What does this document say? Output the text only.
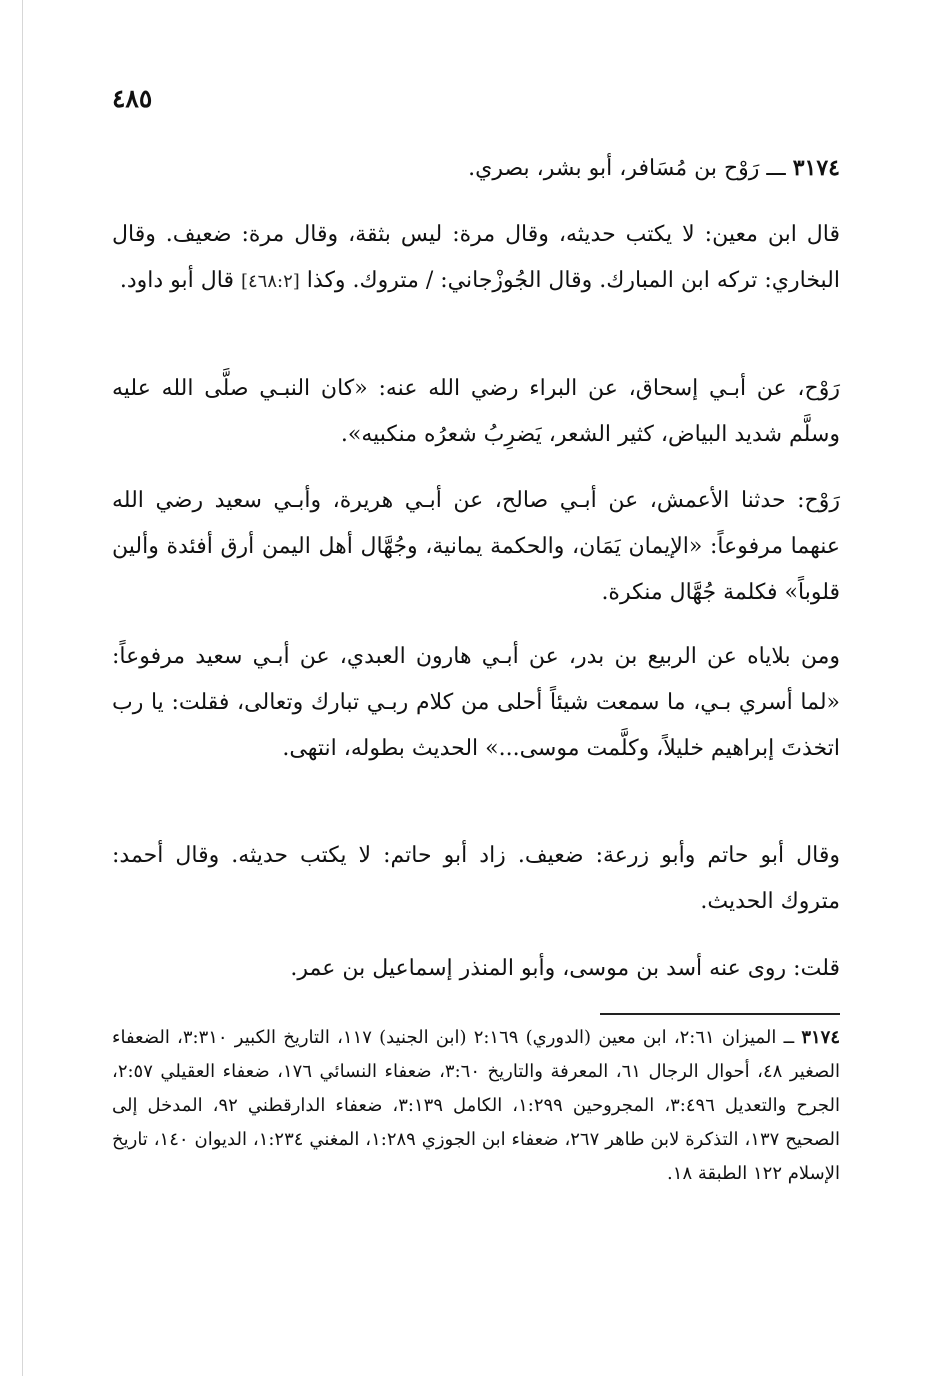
٤٨٥
٣١٧٤ ـــ رَوْح بن مُسَافر، أبو بشر، بصري.
قال ابن معين: لا يكتب حديثه، وقال مرة: ليس بثقة، وقال مرة: ضعيف. وقال البخاري: تركه ابن المبارك. وقال الجُوزْجاني: / متروك. وكذا [٤٦٨:٢] قال أبو داود.
رَوْح، عن أبـي إسحاق، عن البراء رضي الله عنه: «كان النبـي صلَّى الله عليه وسلَّم شديد البياض، كثير الشعر، يَضرِبُ شعرُه منكبيه».
رَوْح: حدثنا الأعمش، عن أبـي صالح، عن أبـي هريرة، وأبـي سعيد رضي الله عنهما مرفوعاً: «الإيمان يَمَان، والحكمة يمانية، وجُهَّال أهل اليمن أرق أفئدة وألين قلوباً» فكلمة جُهَّال منكرة.
ومن بلاياه عن الربيع بن بدر، عن أبـي هارون العبدي، عن أبـي سعيد مرفوعاً: «لما أسري بـي، ما سمعت شيئاً أحلى من كلام ربـي تبارك وتعالى، فقلت: يا رب اتخذتَ إبراهيم خليلاً، وكلَّمت موسى...» الحديث بطوله، انتهى.
وقال أبو حاتم وأبو زرعة: ضعيف. زاد أبو حاتم: لا يكتب حديثه. وقال أحمد: متروك الحديث.
قلت: روى عنه أسد بن موسى، وأبو المنذر إسماعيل بن عمر.
٣١٧٤ ــ الميزان ٢:٦١، ابن معين (الدوري) ٢:١٦٩ (ابن الجنيد) ١١٧، التاريخ الكبير ٣:٣١٠، الضعفاء الصغير ٤٨، أحوال الرجال ٦١، المعرفة والتاريخ ٣:٦٠، ضعفاء النسائي ١٧٦، ضعفاء العقيلي ٢:٥٧، الجرح والتعديل ٣:٤٩٦، المجروحين ١:٢٩٩، الكامل ٣:١٣٩، ضعفاء الدارقطني ٩٢، المدخل إلى الصحيح ١٣٧، التذكرة لابن طاهر ٢٦٧، ضعفاء ابن الجوزي ١:٢٨٩، المغني ١:٢٣٤، الديوان ١٤٠، تاريخ الإسلام ١٢٢ الطبقة ١٨.
